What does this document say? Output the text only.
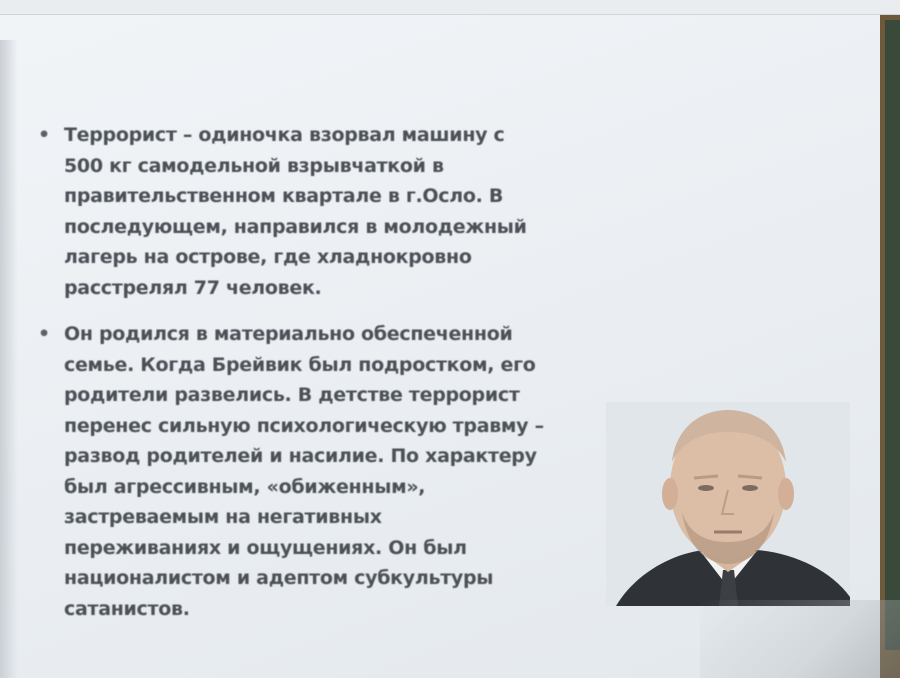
• Террорист – одиночка взорвал машину с
500 кг самодельной взрывчаткой в
правительственном квартале в г.Осло. В
последующем, направился в молодежный
лагерь на острове, где хладнокровно
расстрелял 77 человек.
• Он родился в материально обеспеченной
семье. Когда Брейвик был подростком, его
родители развелись. В детстве террорист
перенес сильную психологическую травму –
развод родителей и насилие. По характеру
был агрессивным, «обиженным»,
застреваемым на негативных
переживаниях и ощущениях. Он был
националистом и адептом субкультуры
сатанистов.
